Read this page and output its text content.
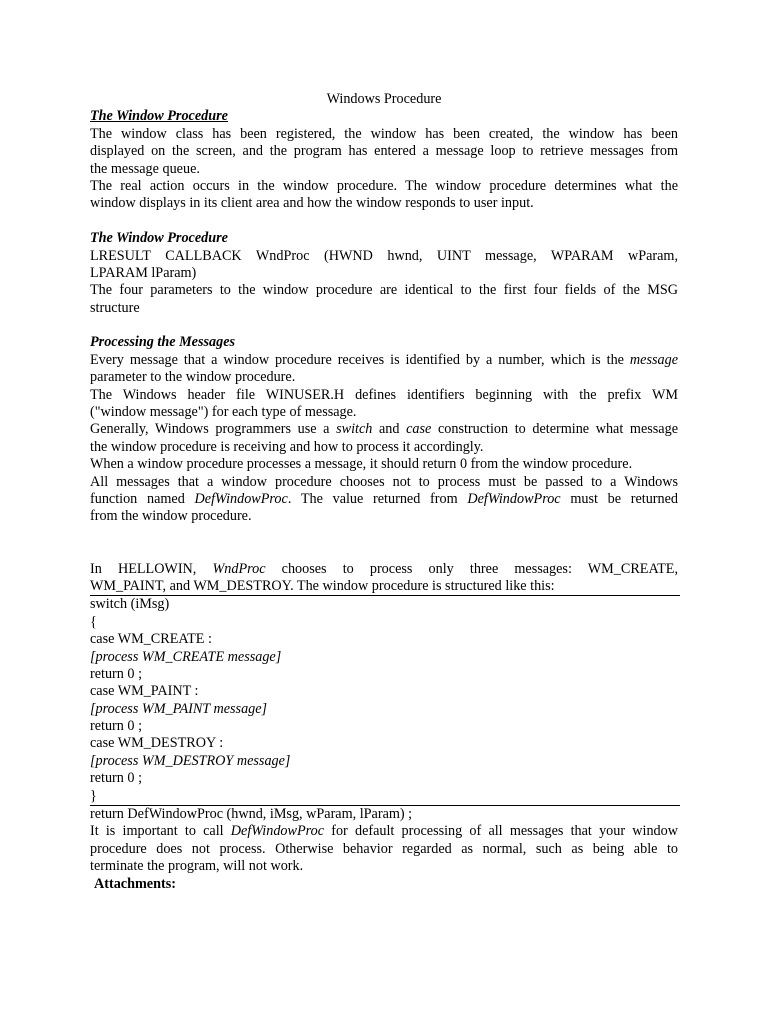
Windows Procedure
The Window Procedure
The window class has been registered, the window has been created, the window has been
displayed on the screen, and the program has entered a message loop to retrieve messages from
the message queue.
The real action occurs in the window procedure. The window procedure determines what the
window displays in its client area and how the window responds to user input.
The Window Procedure
LRESULT CALLBACK WndProc (HWND hwnd, UINT message, WPARAM wParam,
LPARAM lParam)
The four parameters to the window procedure are identical to the first four fields of the MSG
structure
Processing the Messages
Every message that a window procedure receives is identified by a number, which is the message
parameter to the window procedure.
The Windows header file WINUSER.H defines identifiers beginning with the prefix WM
("window message") for each type of message.
Generally, Windows programmers use a switch and case construction to determine what message
the window procedure is receiving and how to process it accordingly.
When a window procedure processes a message, it should return 0 from the window procedure.
All messages that a window procedure chooses not to process must be passed to a Windows
function named DefWindowProc. The value returned from DefWindowProc must be returned
from the window procedure.
In HELLOWIN, WndProc chooses to process only three messages: WM_CREATE,
WM_PAINT, and WM_DESTROY. The window procedure is structured like this:
switch (iMsg)
{
case WM_CREATE :
[process WM_CREATE message]
return 0 ;
case WM_PAINT :
[process WM_PAINT message]
return 0 ;
case WM_DESTROY :
[process WM_DESTROY message]
return 0 ;
}
return DefWindowProc (hwnd, iMsg, wParam, lParam) ;
It is important to call DefWindowProc for default processing of all messages that your window
procedure does not process. Otherwise behavior regarded as normal, such as being able to
terminate the program, will not work.
Attachments:
